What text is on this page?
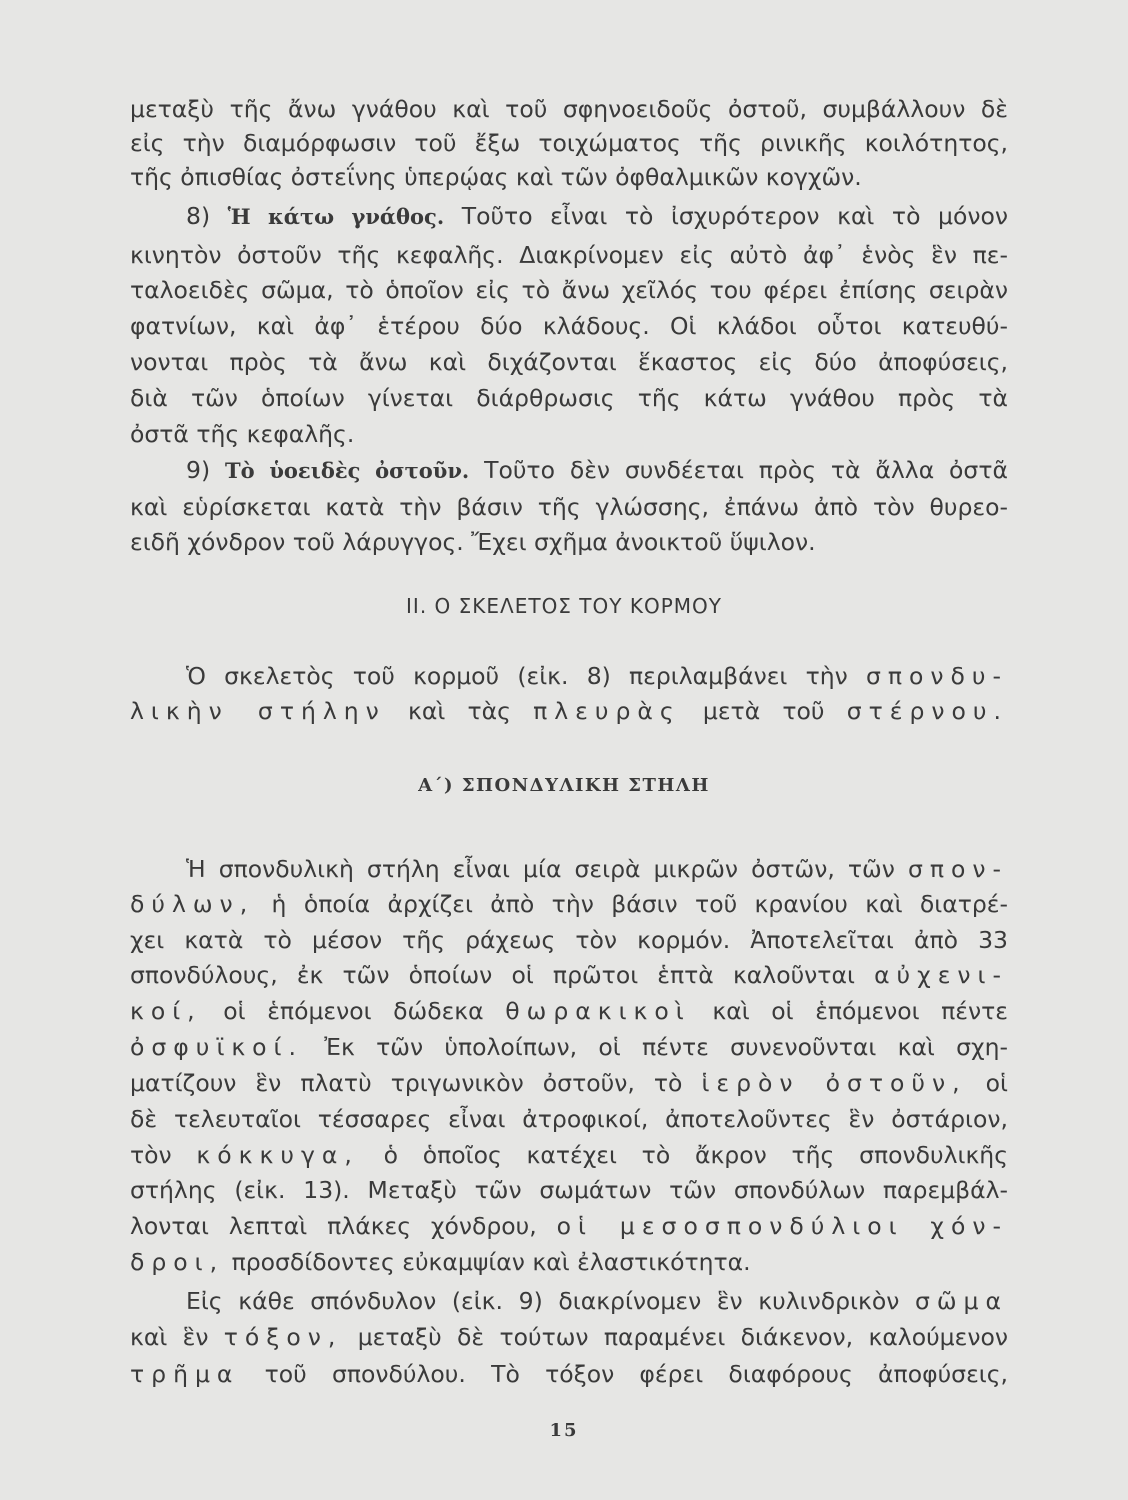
μεταξὺ τῆς ἄνω γνάθου καὶ τοῦ σφηνοειδοῦς ὀστοῦ, συμβάλλουν δὲ
εἰς τὴν διαμόρφωσιν τοῦ ἔξω τοιχώματος τῆς ρινικῆς κοιλότητος,
τῆς ὀπισθίας ὀστεΐνης ὑπερῴας καὶ τῶν ὀφθαλμικῶν κογχῶν.
8) Ἡ κάτω γνάθος. Τοῦτο εἶναι τὸ ἰσχυρότερον καὶ τὸ μόνον
κινητὸν ὀστοῦν τῆς κεφαλῆς. Διακρίνομεν εἰς αὐτὸ ἀφ᾽ ἑνὸς ἓν πε-
ταλοειδὲς σῶμα, τὸ ὁποῖον εἰς τὸ ἄνω χεῖλός του φέρει ἐπίσης σειρὰν
φατνίων, καὶ ἀφ᾽ ἑτέρου δύο κλάδους. Οἱ κλάδοι οὗτοι κατευθύ-
νονται πρὸς τὰ ἄνω καὶ διχάζονται ἕκαστος εἰς δύο ἀποφύσεις,
διὰ τῶν ὁποίων γίνεται διάρθρωσις τῆς κάτω γνάθου πρὸς τὰ
ὀστᾶ τῆς κεφαλῆς.
9) Τὸ ὑοειδὲς ὀστοῦν. Τοῦτο δὲν συνδέεται πρὸς τὰ ἄλλα ὀστᾶ
καὶ εὑρίσκεται κατὰ τὴν βάσιν τῆς γλώσσης, ἐπάνω ἀπὸ τὸν θυρεο-
ειδῆ χόνδρον τοῦ λάρυγγος. Ἔχει σχῆμα ἀνοικτοῦ ὕψιλον.
II. Ο ΣΚΕΛΕΤΟΣ ΤΟΥ ΚΟΡΜΟΥ
Ὁ σκελετὸς τοῦ κορμοῦ (εἰκ. 8) περιλαμβάνει τὴν σπονδυ-
λικὴν στήλην καὶ τὰς πλευρὰς μετὰ τοῦ στέρνου.
Α΄) ΣΠΟΝΔΥΛΙΚΗ ΣΤΗΛΗ
Ἡ σπονδυλικὴ στήλη εἶναι μία σειρὰ μικρῶν ὀστῶν, τῶν σπον-
δύλων, ἡ ὁποία ἀρχίζει ἀπὸ τὴν βάσιν τοῦ κρανίου καὶ διατρέ-
χει κατὰ τὸ μέσον τῆς ράχεως τὸν κορμόν. Ἀποτελεῖται ἀπὸ 33
σπονδύλους, ἐκ τῶν ὁποίων οἱ πρῶτοι ἑπτὰ καλοῦνται αὐχενι-
κοί, οἱ ἑπόμενοι δώδεκα θωρακικοὶ καὶ οἱ ἑπόμενοι πέντε
ὀσφυϊκοί. Ἐκ τῶν ὑπολοίπων, οἱ πέντε συνενοῦνται καὶ σχη-
ματίζουν ἓν πλατὺ τριγωνικὸν ὀστοῦν, τὸ ἱερὸν ὀστοῦν, οἱ
δὲ τελευταῖοι τέσσαρες εἶναι ἀτροφικοί, ἀποτελοῦντες ἓν ὀστάριον,
τὸν κόκκυγα, ὁ ὁποῖος κατέχει τὸ ἄκρον τῆς σπονδυλικῆς
στήλης (εἰκ. 13). Μεταξὺ τῶν σωμάτων τῶν σπονδύλων παρεμβάλ-
λονται λεπταὶ πλάκες χόνδρου, οἱ μεσοσπονδύλιοι χόν-
δροι, προσδίδοντες εὐκαμψίαν καὶ ἐλαστικότητα.
Εἰς κάθε σπόνδυλον (εἰκ. 9) διακρίνομεν ἓν κυλινδρικὸν σῶμα
καὶ ἓν τόξον, μεταξὺ δὲ τούτων παραμένει διάκενον, καλούμενον
τρῆμα τοῦ σπονδύλου. Τὸ τόξον φέρει διαφόρους ἀποφύσεις,
15
